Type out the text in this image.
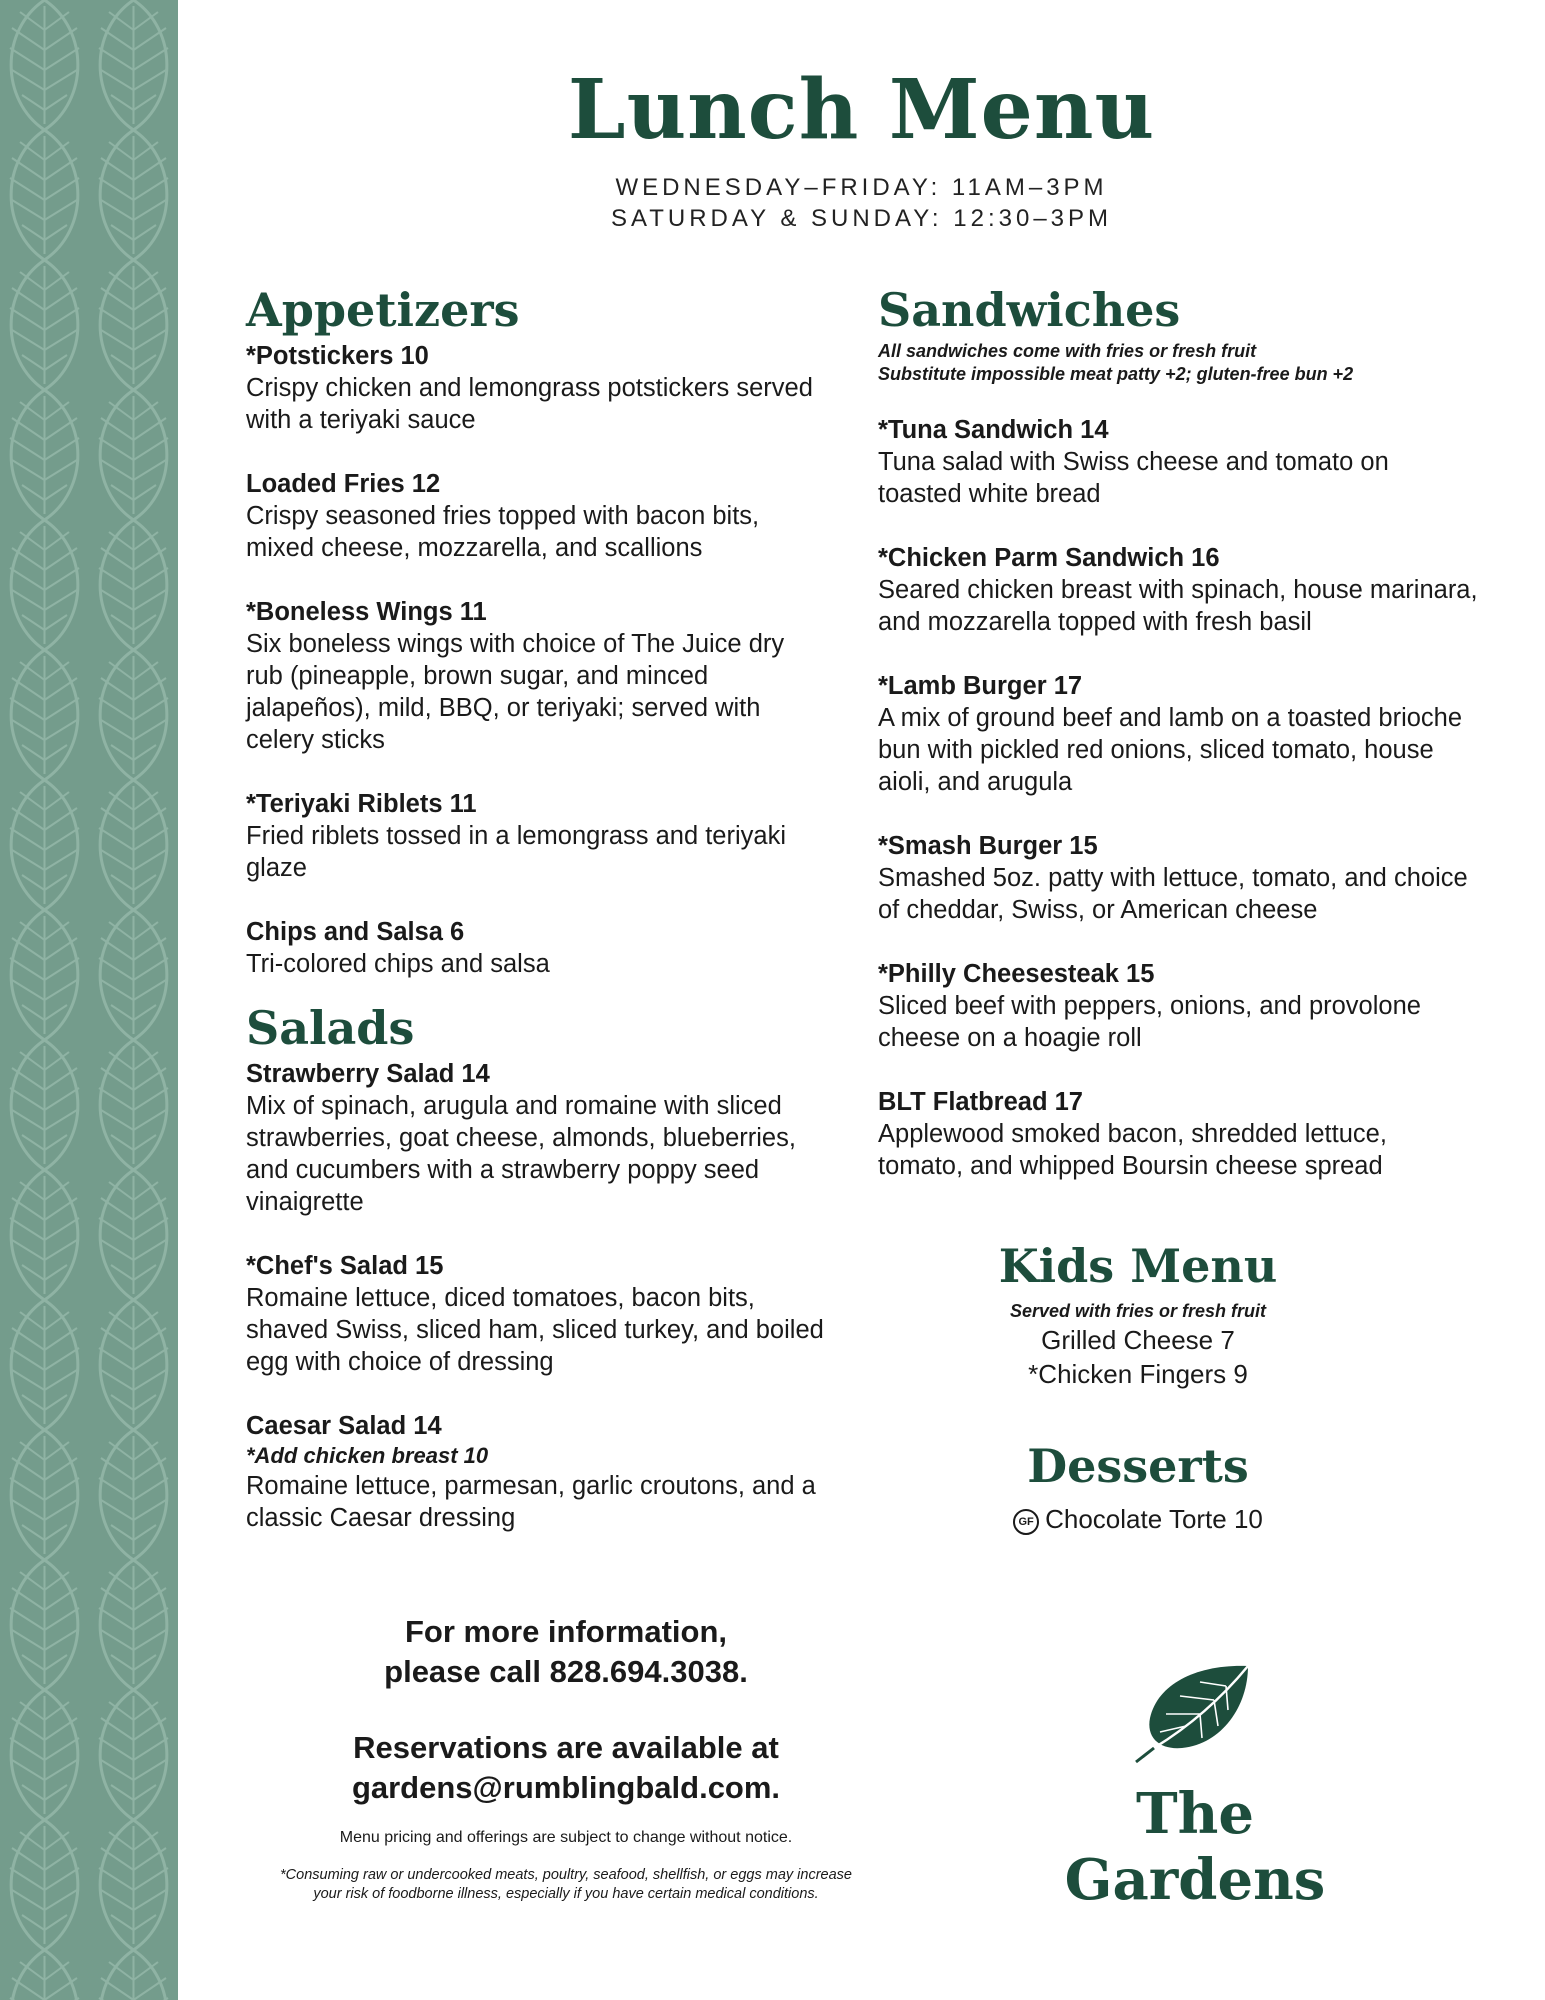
Lunch Menu
WEDNESDAY–FRIDAY: 11AM–3PM
SATURDAY & SUNDAY: 12:30–3PM
Appetizers
*Potstickers 10
Crispy chicken and lemongrass potstickers served with a teriyaki sauce
Loaded Fries 12
Crispy seasoned fries topped with bacon bits, mixed cheese, mozzarella, and scallions
*Boneless Wings 11
Six boneless wings with choice of The Juice dry rub (pineapple, brown sugar, and minced jalapeños), mild, BBQ, or teriyaki; served with celery sticks
*Teriyaki Riblets 11
Fried riblets tossed in a lemongrass and teriyaki glaze
Chips and Salsa 6
Tri-colored chips and salsa
Salads
Strawberry Salad 14
Mix of spinach, arugula and romaine with sliced strawberries, goat cheese, almonds, blueberries, and cucumbers with a strawberry poppy seed vinaigrette
*Chef's Salad 15
Romaine lettuce, diced tomatoes, bacon bits, shaved Swiss, sliced ham, sliced turkey, and boiled egg with choice of dressing
Caesar Salad 14
*Add chicken breast 10
Romaine lettuce, parmesan, garlic croutons, and a classic Caesar dressing
Sandwiches
All sandwiches come with fries or fresh fruit
Substitute impossible meat patty +2; gluten-free bun +2
*Tuna Sandwich 14
Tuna salad with Swiss cheese and tomato on toasted white bread
*Chicken Parm Sandwich 16
Seared chicken breast with spinach, house marinara, and mozzarella topped with fresh basil
*Lamb Burger 17
A mix of ground beef and lamb on a toasted brioche bun with pickled red onions, sliced tomato, house aioli, and arugula
*Smash Burger 15
Smashed 5oz. patty with lettuce, tomato, and choice of cheddar, Swiss, or American cheese
*Philly Cheesesteak 15
Sliced beef with peppers, onions, and provolone cheese on a hoagie roll
BLT Flatbread 17
Applewood smoked bacon, shredded lettuce, tomato, and whipped Boursin cheese spread
Kids Menu
Served with fries or fresh fruit
Grilled Cheese 7
*Chicken Fingers 9
Desserts
GF Chocolate Torte 10
For more information,
please call 828.694.3038.
Reservations are available at
gardens@rumblingbald.com.
Menu pricing and offerings are subject to change without notice.
*Consuming raw or undercooked meats, poultry, seafood, shellfish, or eggs may increase
your risk of foodborne illness, especially if you have certain medical conditions.
The Gardens
